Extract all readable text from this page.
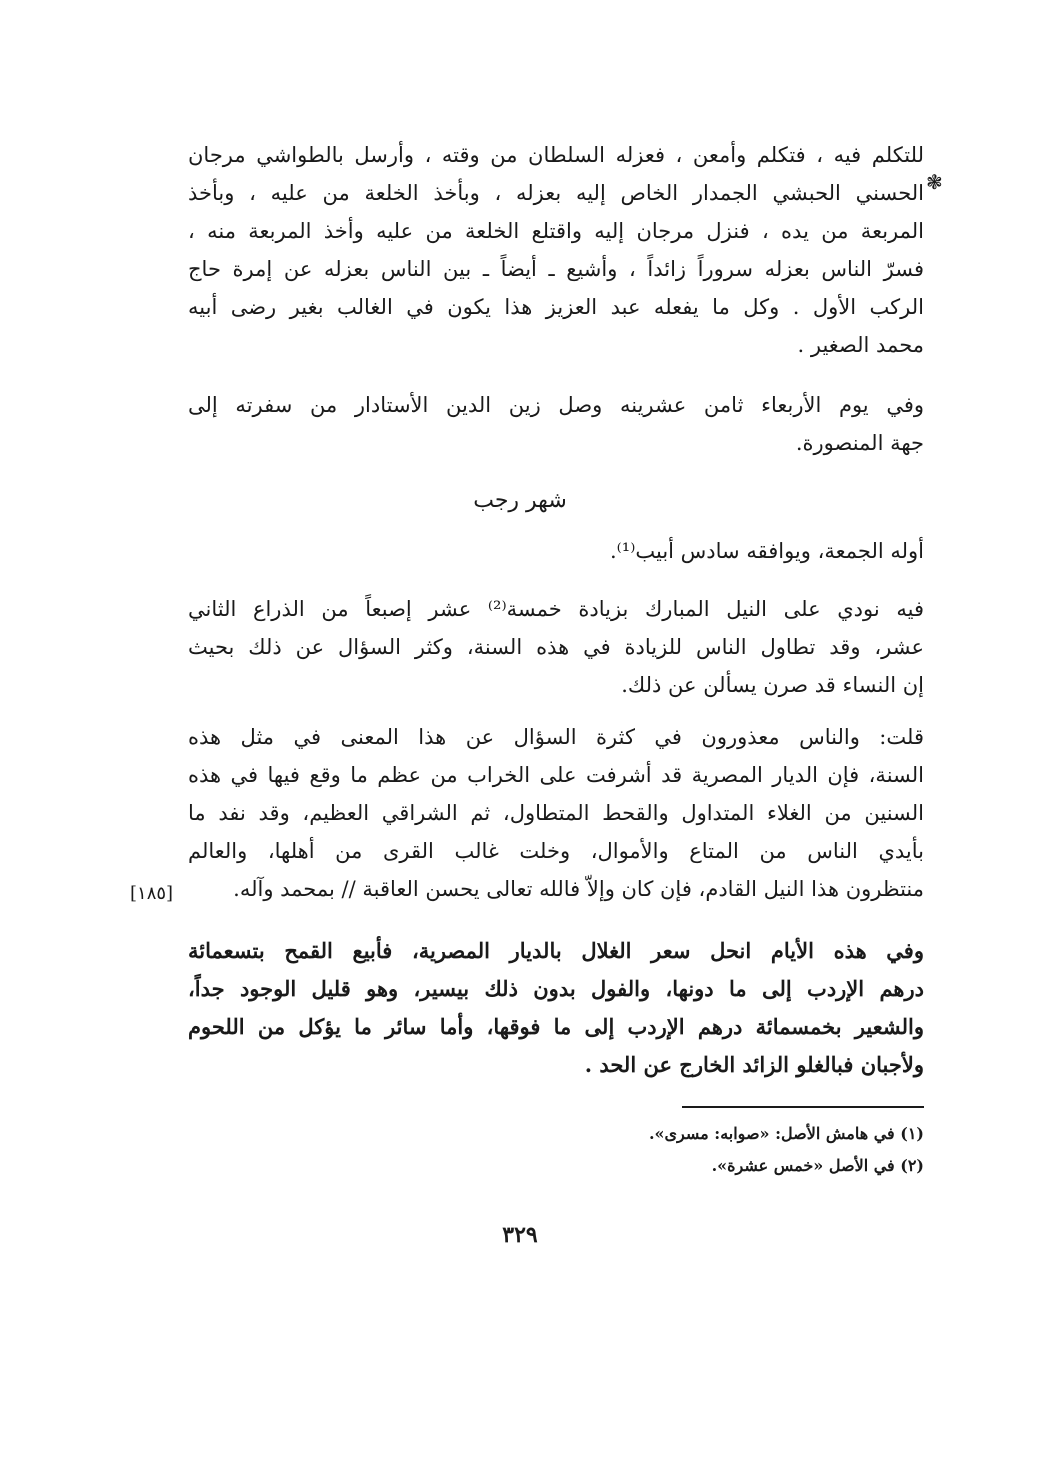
للتكلم فيه ، فتكلم وأمعن ، فعزله السلطان من وقته ، وأرسل بالطواشي مرجان
الحسني الحبشي الجمدار الخاص إليه بعزله ، وبأخذ الخلعة من عليه ، وبأخذ
المربعة من يده ، فنزل مرجان إليه واقتلع الخلعة من عليه وأخذ المربعة منه ،
فسرّ الناس بعزله سروراً زائداً ، وأشيع ـ أيضاً ـ بين الناس بعزله عن إمرة حاج
الركب الأول . وكل ما يفعله عبد العزيز هذا يكون في الغالب بغير رضى أبيه
محمد الصغير .
❃
وفي يوم الأربعاء ثامن عشرينه وصل زين الدين الأستادار من سفرته إلى
جهة المنصورة.
شهر رجب
أوله الجمعة، ويوافقه سادس أبيب⁽¹⁾.
فيه نودي على النيل المبارك بزيادة خمسة⁽²⁾ عشر إصبعاً من الذراع الثاني
عشر، وقد تطاول الناس للزيادة في هذه السنة، وكثر السؤال عن ذلك بحيث
إن النساء قد صرن يسألن عن ذلك.
قلت: والناس معذورون في كثرة السؤال عن هذا المعنى في مثل هذه
السنة، فإن الديار المصرية قد أشرفت على الخراب من عظم ما وقع فيها في هذه
السنين من الغلاء المتداول والقحط المتطاول، ثم الشراقي العظيم، وقد نفد ما
بأيدي الناس من المتاع والأموال، وخلت غالب القرى من أهلها، والعالم
منتظرون هذا النيل القادم، فإن كان وإلاّ فالله تعالى يحسن العاقبة // بمحمد وآله.
[١٨٥]
وفي هذه الأيام انحل سعر الغلال بالديار المصرية، فأبيع القمح بتسعمائة
درهم الإردب إلى ما دونها، والفول بدون ذلك بيسير، وهو قليل الوجود جداً،
والشعير بخمسمائة درهم الإردب إلى ما فوقها، وأما سائر ما يؤكل من اللحوم
ولأجبان فبالغلو الزائد الخارج عن الحد .
(١) في هامش الأصل: «صوابه: مسرى».
(٢) في الأصل «خمس عشرة».
٣٢٩
